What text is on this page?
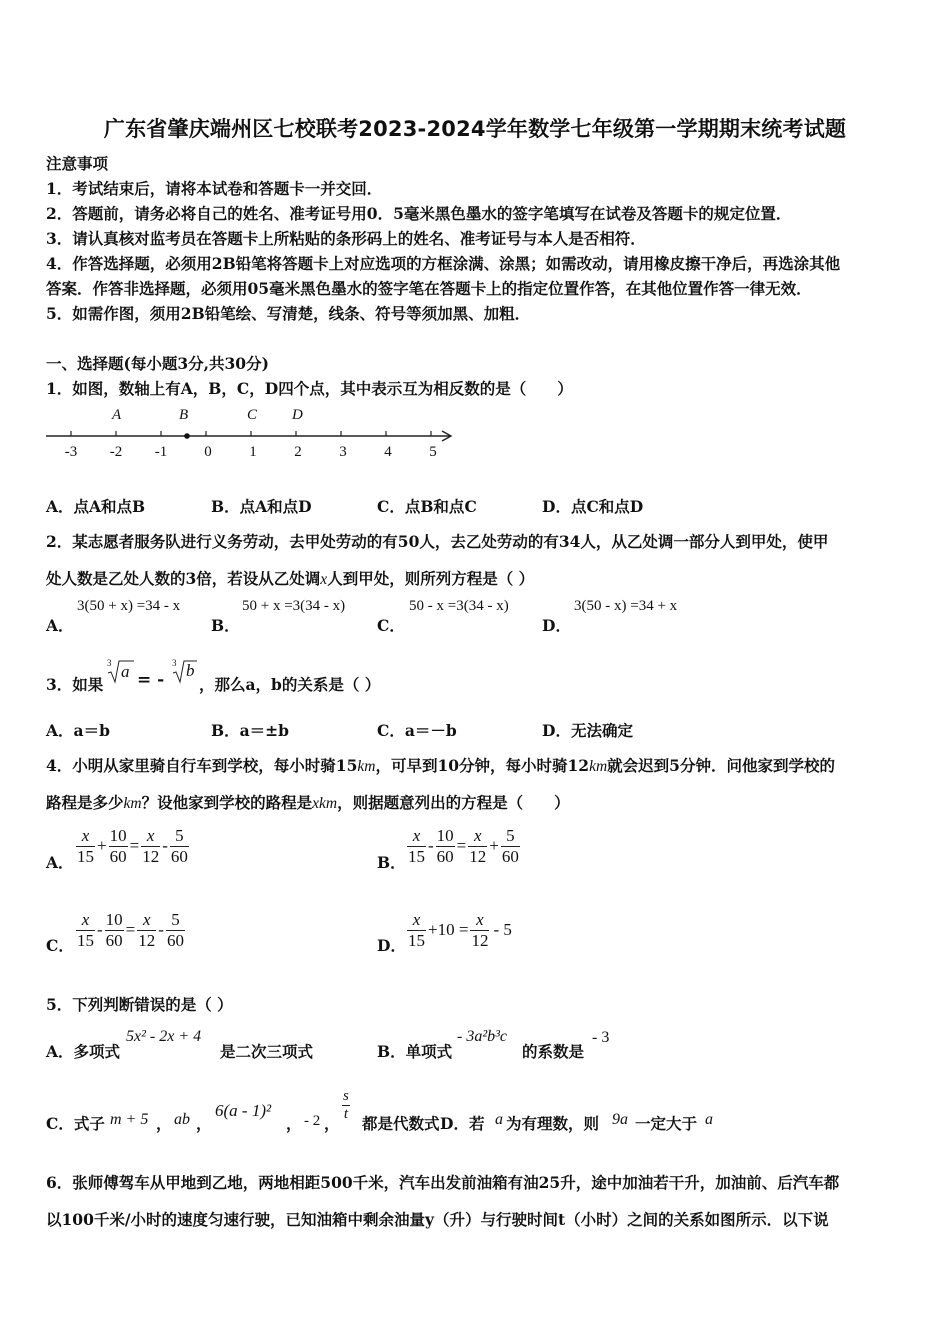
广东省肇庆端州区七校联考2023-2024学年数学七年级第一学期期末统考试题
注意事项
1．考试结束后，请将本试卷和答题卡一并交回．
2．答题前，请务必将自己的姓名、准考证号用0．5毫米黑色墨水的签字笔填写在试卷及答题卡的规定位置．
3．请认真核对监考员在答题卡上所粘贴的条形码上的姓名、准考证号与本人是否相符．
4．作答选择题，必须用2B铅笔将答题卡上对应选项的方框涂满、涂黑；如需改动，请用橡皮擦干净后，再选涂其他
答案．作答非选择题，必须用05毫米黑色墨水的签字笔在答题卡上的指定位置作答，在其他位置作答一律无效．
5．如需作图，须用2B铅笔绘、写清楚，线条、符号等须加黑、加粗．
一、选择题(每小题3分,共30分)
1．如图，数轴上有A，B，C，D四个点，其中表示互为相反数的是（　　）
A	B	C D
-3 -2 -1 0	1	2	3	4	5
A．点A和点B	B．点A和点D	C．点B和点C	D．点C和点D
2．某志愿者服务队进行义务劳动，去甲处劳动的有50人，去乙处劳动的有34人，从乙处调一部分人到甲处，使甲
处人数是乙处人数的3倍，若设从乙处调x人到甲处，则所列方程是（ ）
A．
3(50 + x) =34 - x
B．
50 + x =3(34 - x)
C．
50 - x =3(34 - x)
D．
3(50 - x) =34 + x
3．如果
3 a = -
3 b
，那么a，b的关系是（ ）
A．a＝b	B．a＝±b	C．a＝－b	D．无法确定
4．小明从家里骑自行车到学校，每小时骑15km，可早到10分钟，每小时骑12km就会迟到5分钟．问他家到学校的
路程是多少km？设他家到学校的路程是xkm，则据题意列出的方程是（　　）
A． $\frac{x}{15} + \frac{10}{60} = \frac{x}{12} - \frac{5}{60}$	B． $\frac{x}{15} - \frac{10}{60} = \frac{x}{12} + \frac{5}{60}$
C． $\frac{x}{15} - \frac{10}{60} = \frac{x}{12} - \frac{5}{60}$	D． $\frac{x}{15} +10 = \frac{x}{12} - 5$
5．下列判断错误的是（ ）
A．多项式
5x² - 2x + 4
是二次三项式	B．单项式
- 3a²b³c
的系数是
- 3
C．式子 m + 5 ， ab ，
6(a - 1)²
， - 2 ， $\frac{s}{t}$ 都是代数式 D．若 a 为有理数，则 9a 一定大于 a
6．张师傅驾车从甲地到乙地，两地相距500千米，汽车出发前油箱有油25升，途中加油若干升，加油前、后汽车都
以100千米/小时的速度匀速行驶，已知油箱中剩余油量y（升）与行驶时间t（小时）之间的关系如图所示．以下说
